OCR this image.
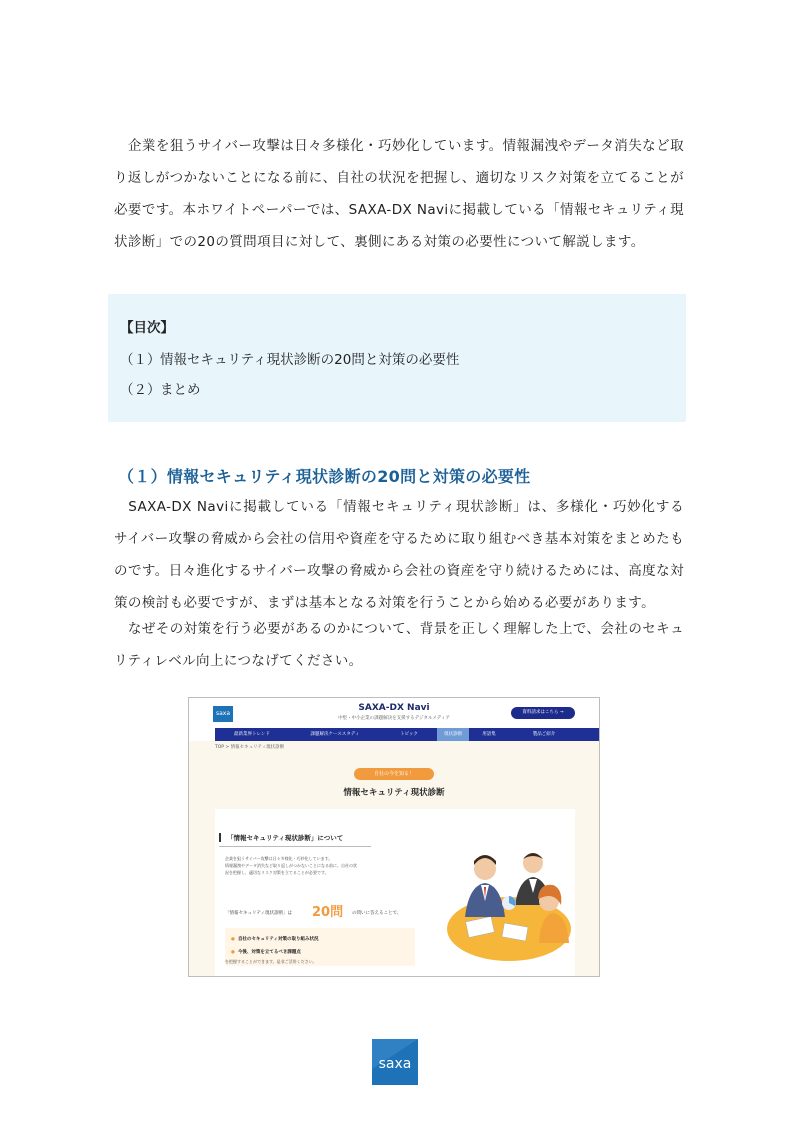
　企業を狙うサイバー攻撃は日々多様化・巧妙化しています。情報漏洩やデータ消失など取り返しがつかないことになる前に、自社の状況を把握し、適切なリスク対策を立てることが必要です。本ホワイトペーパーでは、SAXA-DX Naviに掲載している「情報セキュリティ現状診断」での20の質問項目に対して、裏側にある対策の必要性について解説します。

【目次】
（１）情報セキュリティ現状診断の20問と対策の必要性
（２）まとめ
（１）情報セキュリティ現状診断の20問と対策の必要性

　SAXA-DX Naviに掲載している「情報セキュリティ現状診断」は、多様化・巧妙化するサイバー攻撃の脅威から会社の信用や資産を守るために取り組むべき基本対策をまとめたものです。日々進化するサイバー攻撃の脅威から会社の資産を守り続けるためには、高度な対策の検討も必要ですが、まずは基本となる対策を行うことから始める必要があります。

　なぜその対策を行う必要があるのかについて、背景を正しく理解した上で、会社のセキュリティレベル向上につなげてください。

saxa
SAXA-DX Navi
中堅・中小企業の課題解決を支援するデジタルメディア
資料請求はこちら →
最新業界トレンド	課題解決ケーススタディ	トピック	現状診断	用語集	製品ご紹介
TOP > 情報セキュリティ現状診断
自社の今を知る！
情報セキュリティ現状診断
「情報セキュリティ現状診断」について
企業を狙うサイバー攻撃は日々多様化・巧妙化しています。
情報漏洩やデータ消失など取り返しがつかないことになる前に、自社の状
況を把握し、適切なリスク対策を立てることが必要です。
「情報セキュリティ現状診断」は 20問 の問いに答えることで、
● 自社のセキュリティ対策の取り組み状況
● 今後、対策を立てるべき課題点
を把握することができます。是非ご活用ください。
saxa
